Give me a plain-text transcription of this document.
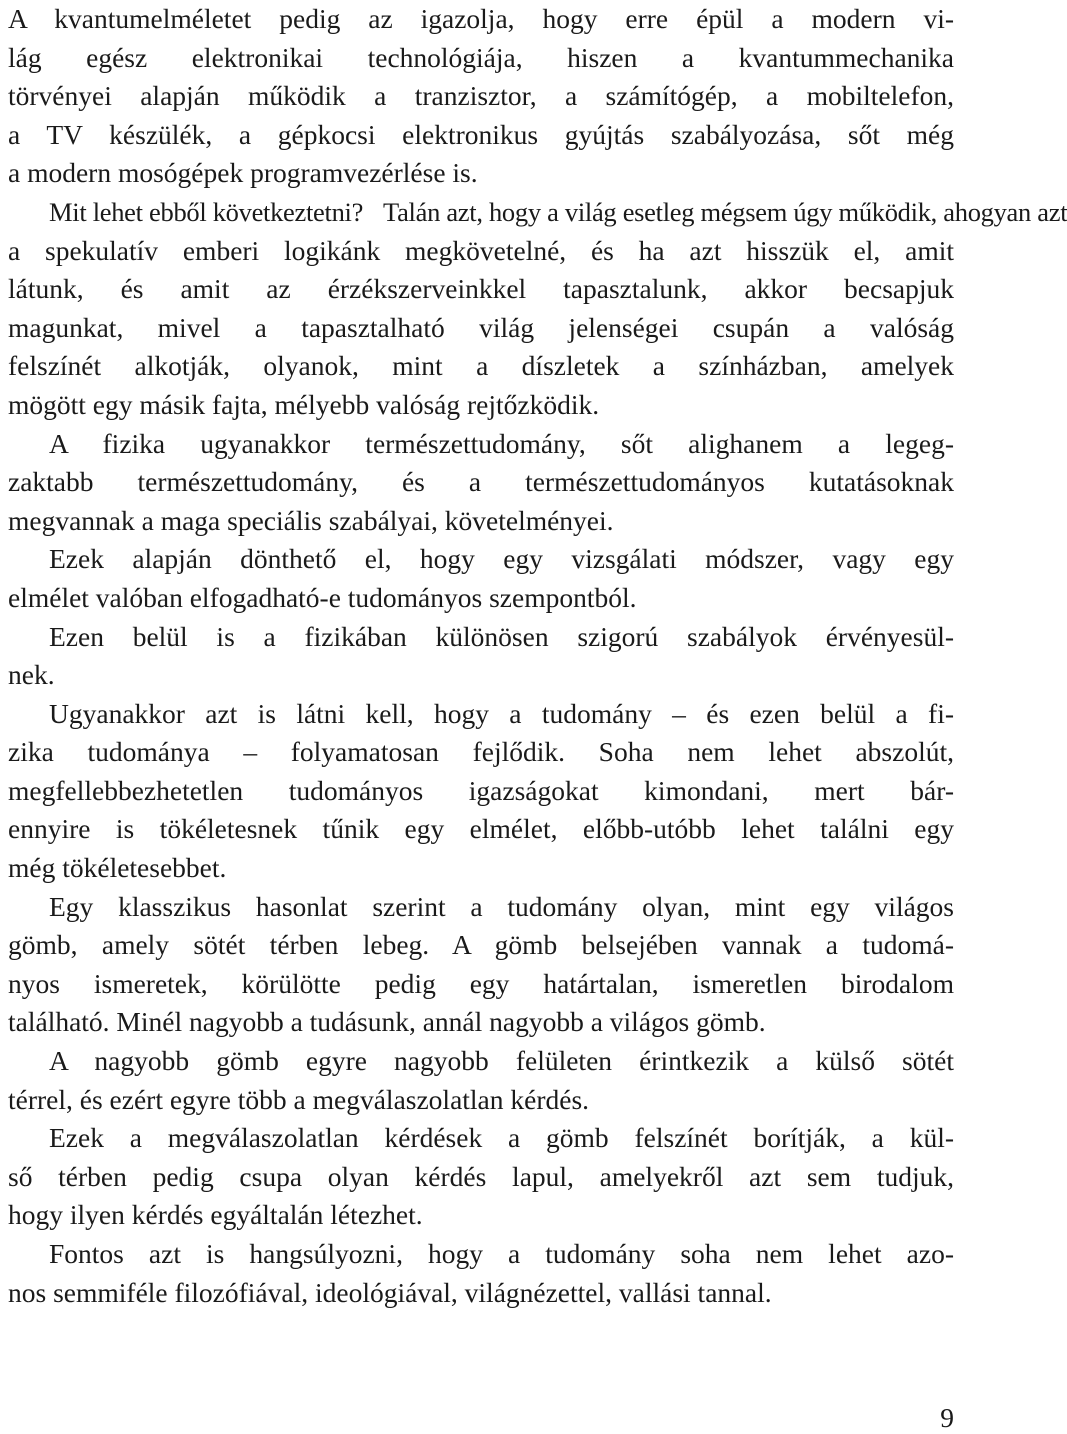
A kvantumelméletet pedig az igazolja, hogy erre épül a modern vi-
lág egész elektronikai technológiája, hiszen a kvantummechanika
törvényei alapján működik a tranzisztor, a számítógép, a mobiltelefon,
a TV készülék, a gépkocsi elektronikus gyújtás szabályozása, sőt még
a modern mosógépek programvezérlése is.
Mit lehet ebből következtetni? Talán azt, hogy a világ esetleg mégsem úgy működik, ahogyan azt
a spekulatív emberi logikánk megkövetelné, és ha azt hisszük el, amit
látunk, és amit az érzékszerveinkkel tapasztalunk, akkor becsapjuk
magunkat, mivel a tapasztalható világ jelenségei csupán a valóság
felszínét alkotják, olyanok, mint a díszletek a színházban, amelyek
mögött egy másik fajta, mélyebb valóság rejtőzködik.
A fizika ugyanakkor természettudomány, sőt alighanem a legeg-
zaktabb természettudomány, és a természettudományos kutatásoknak
megvannak a maga speciális szabályai, követelményei.
Ezek alapján dönthető el, hogy egy vizsgálati módszer, vagy egy
elmélet valóban elfogadható-e tudományos szempontból.
Ezen belül is a fizikában különösen szigorú szabályok érvényesül-
nek.
Ugyanakkor azt is látni kell, hogy a tudomány – és ezen belül a fi-
zika tudománya – folyamatosan fejlődik. Soha nem lehet abszolút,
megfellebbezhetetlen tudományos igazságokat kimondani, mert bár-
ennyire is tökéletesnek tűnik egy elmélet, előbb-utóbb lehet találni egy
még tökéletesebbet.
Egy klasszikus hasonlat szerint a tudomány olyan, mint egy világos
gömb, amely sötét térben lebeg. A gömb belsejében vannak a tudomá-
nyos ismeretek, körülötte pedig egy határtalan, ismeretlen birodalom
található. Minél nagyobb a tudásunk, annál nagyobb a világos gömb.
A nagyobb gömb egyre nagyobb felületen érintkezik a külső sötét
térrel, és ezért egyre több a megválaszolatlan kérdés.
Ezek a megválaszolatlan kérdések a gömb felszínét borítják, a kül-
ső térben pedig csupa olyan kérdés lapul, amelyekről azt sem tudjuk,
hogy ilyen kérdés egyáltalán létezhet.
Fontos azt is hangsúlyozni, hogy a tudomány soha nem lehet azo-
nos semmiféle filozófiával, ideológiával, világnézettel, vallási tannal.
9
